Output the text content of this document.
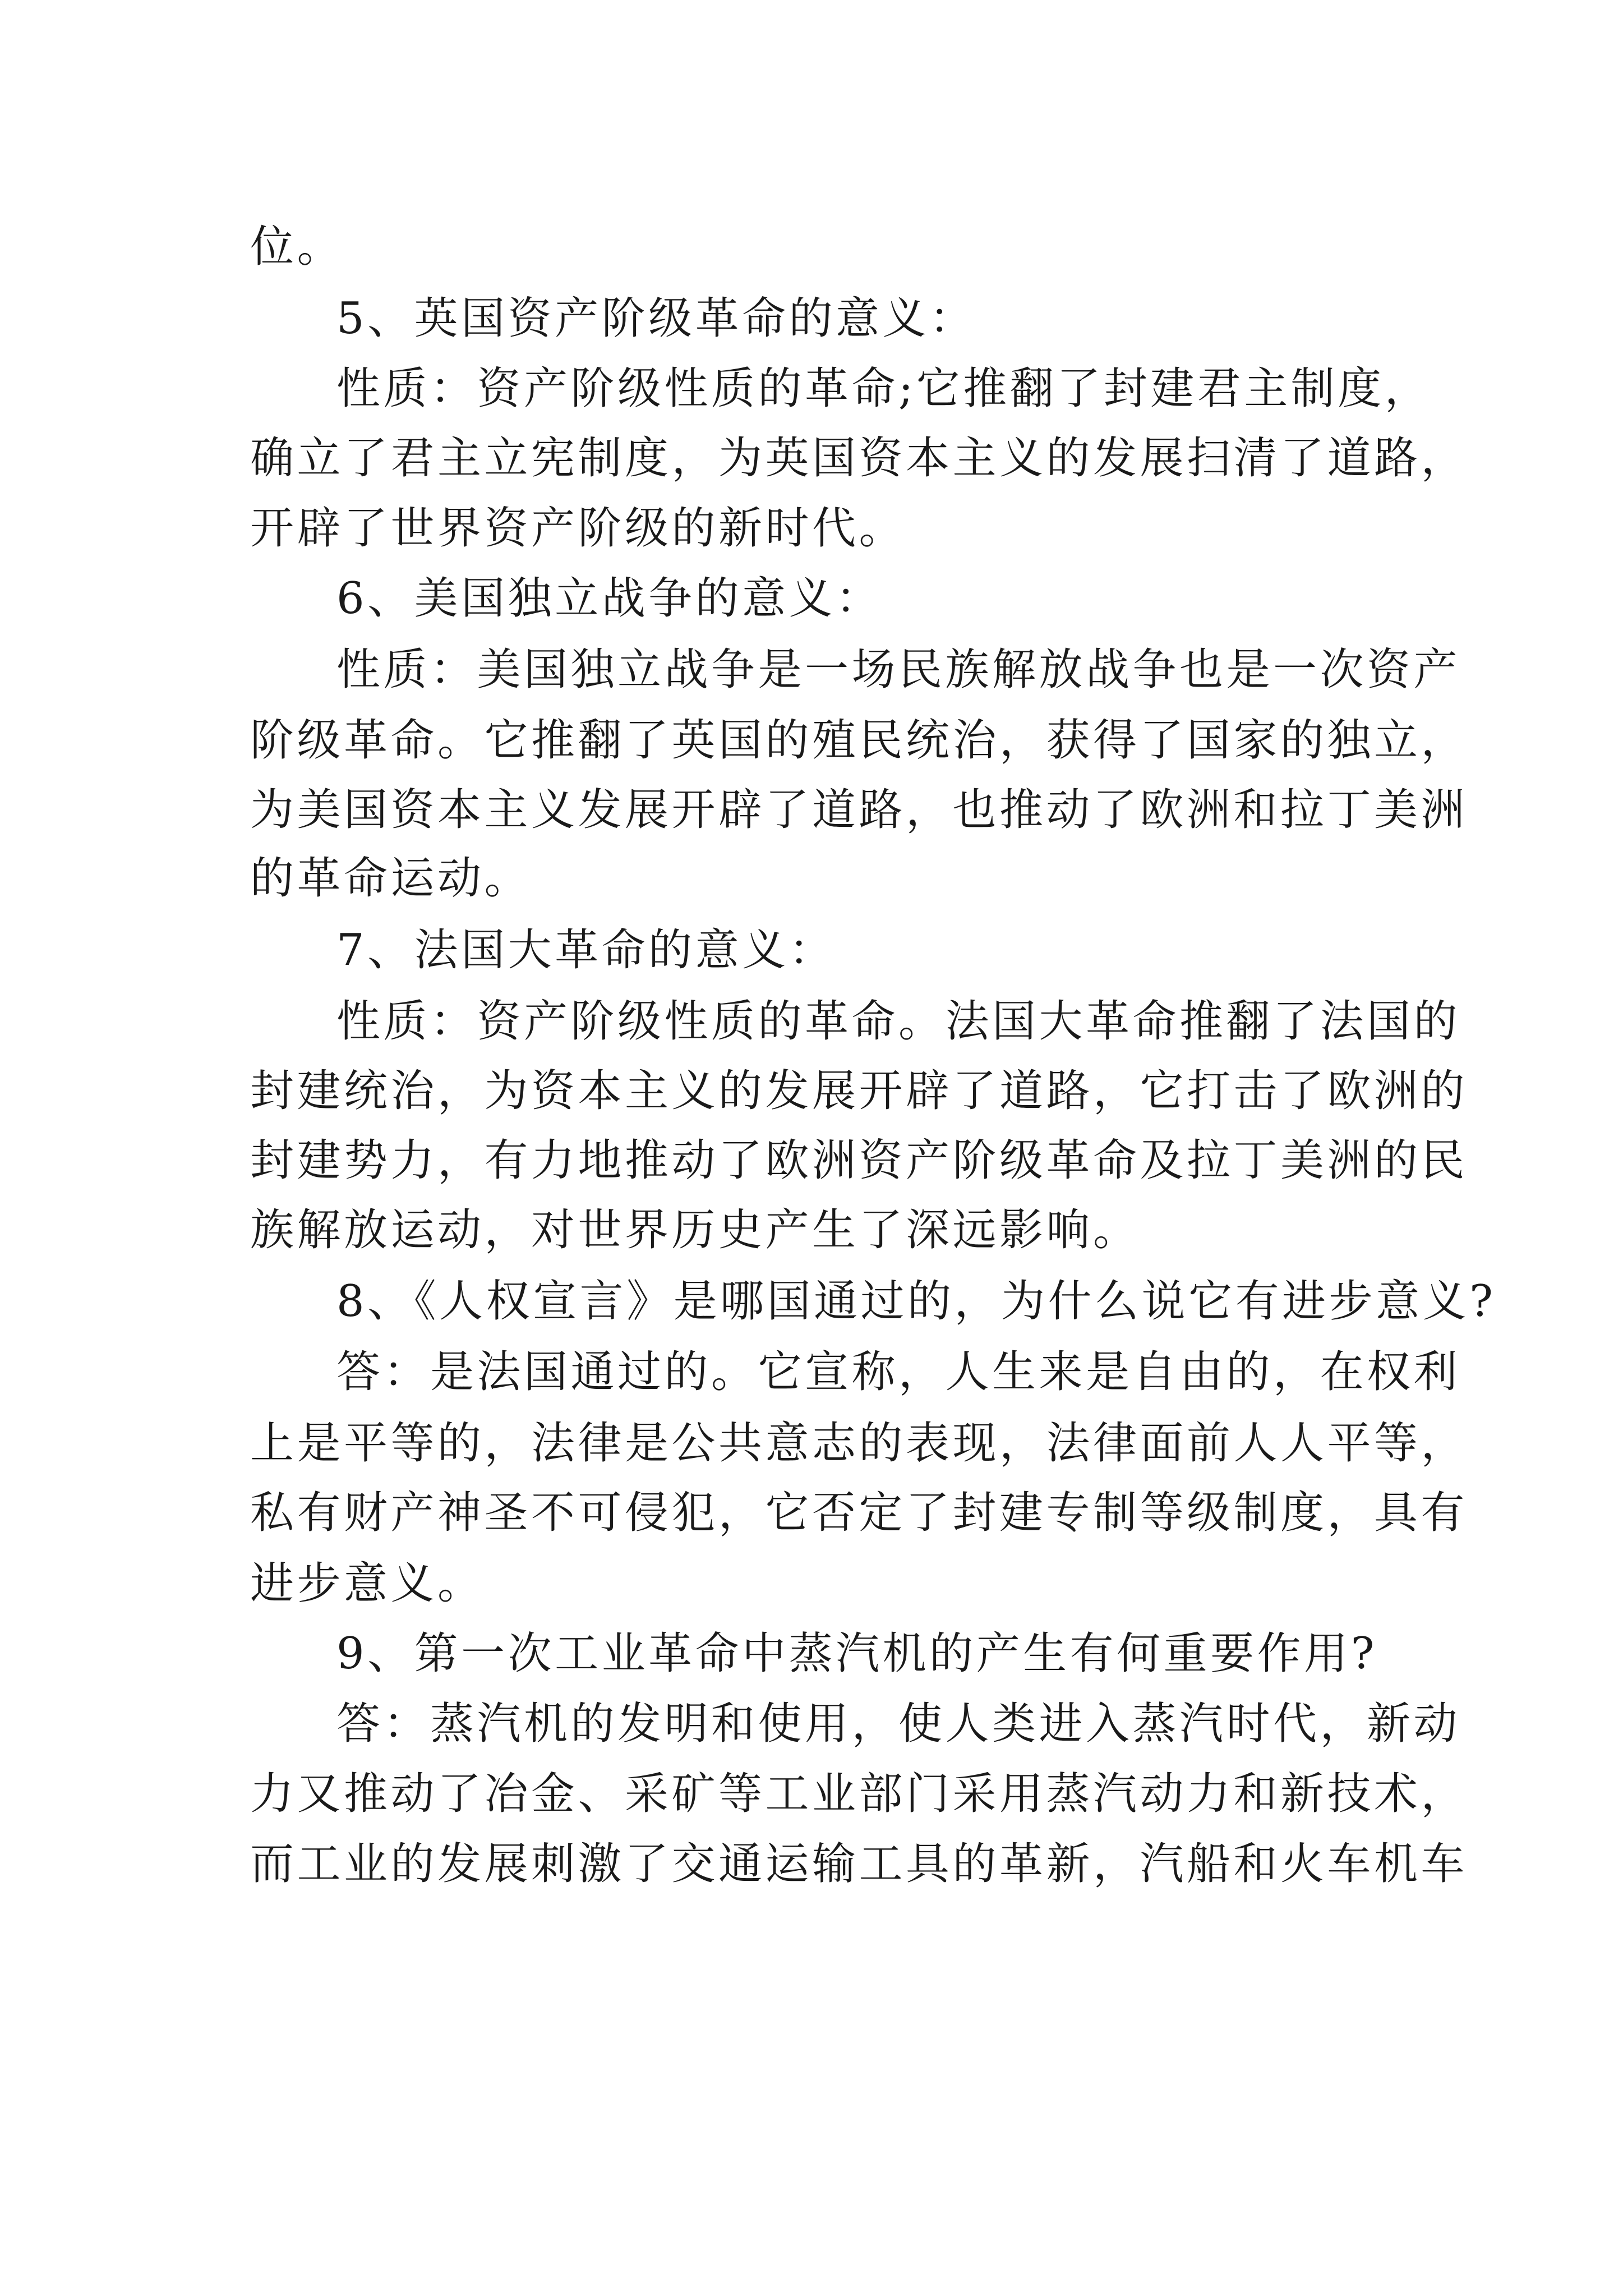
位。
5、英国资产阶级革命的意义：
性质：资产阶级性质的革命;它推翻了封建君主制度，
确立了君主立宪制度，为英国资本主义的发展扫清了道路，
开辟了世界资产阶级的新时代。
6、美国独立战争的意义：
性质：美国独立战争是一场民族解放战争也是一次资产
阶级革命。它推翻了英国的殖民统治，获得了国家的独立，
为美国资本主义发展开辟了道路，也推动了欧洲和拉丁美洲
的革命运动。
7、法国大革命的意义：
性质：资产阶级性质的革命。法国大革命推翻了法国的
封建统治，为资本主义的发展开辟了道路，它打击了欧洲的
封建势力，有力地推动了欧洲资产阶级革命及拉丁美洲的民
族解放运动，对世界历史产生了深远影响。
8、《人权宣言》是哪国通过的，为什么说它有进步意义?
答：是法国通过的。它宣称，人生来是自由的，在权利
上是平等的，法律是公共意志的表现，法律面前人人平等，
私有财产神圣不可侵犯，它否定了封建专制等级制度，具有
进步意义。
9、第一次工业革命中蒸汽机的产生有何重要作用?
答：蒸汽机的发明和使用，使人类进入蒸汽时代，新动
力又推动了冶金、采矿等工业部门采用蒸汽动力和新技术，
而工业的发展刺激了交通运输工具的革新，汽船和火车机车
